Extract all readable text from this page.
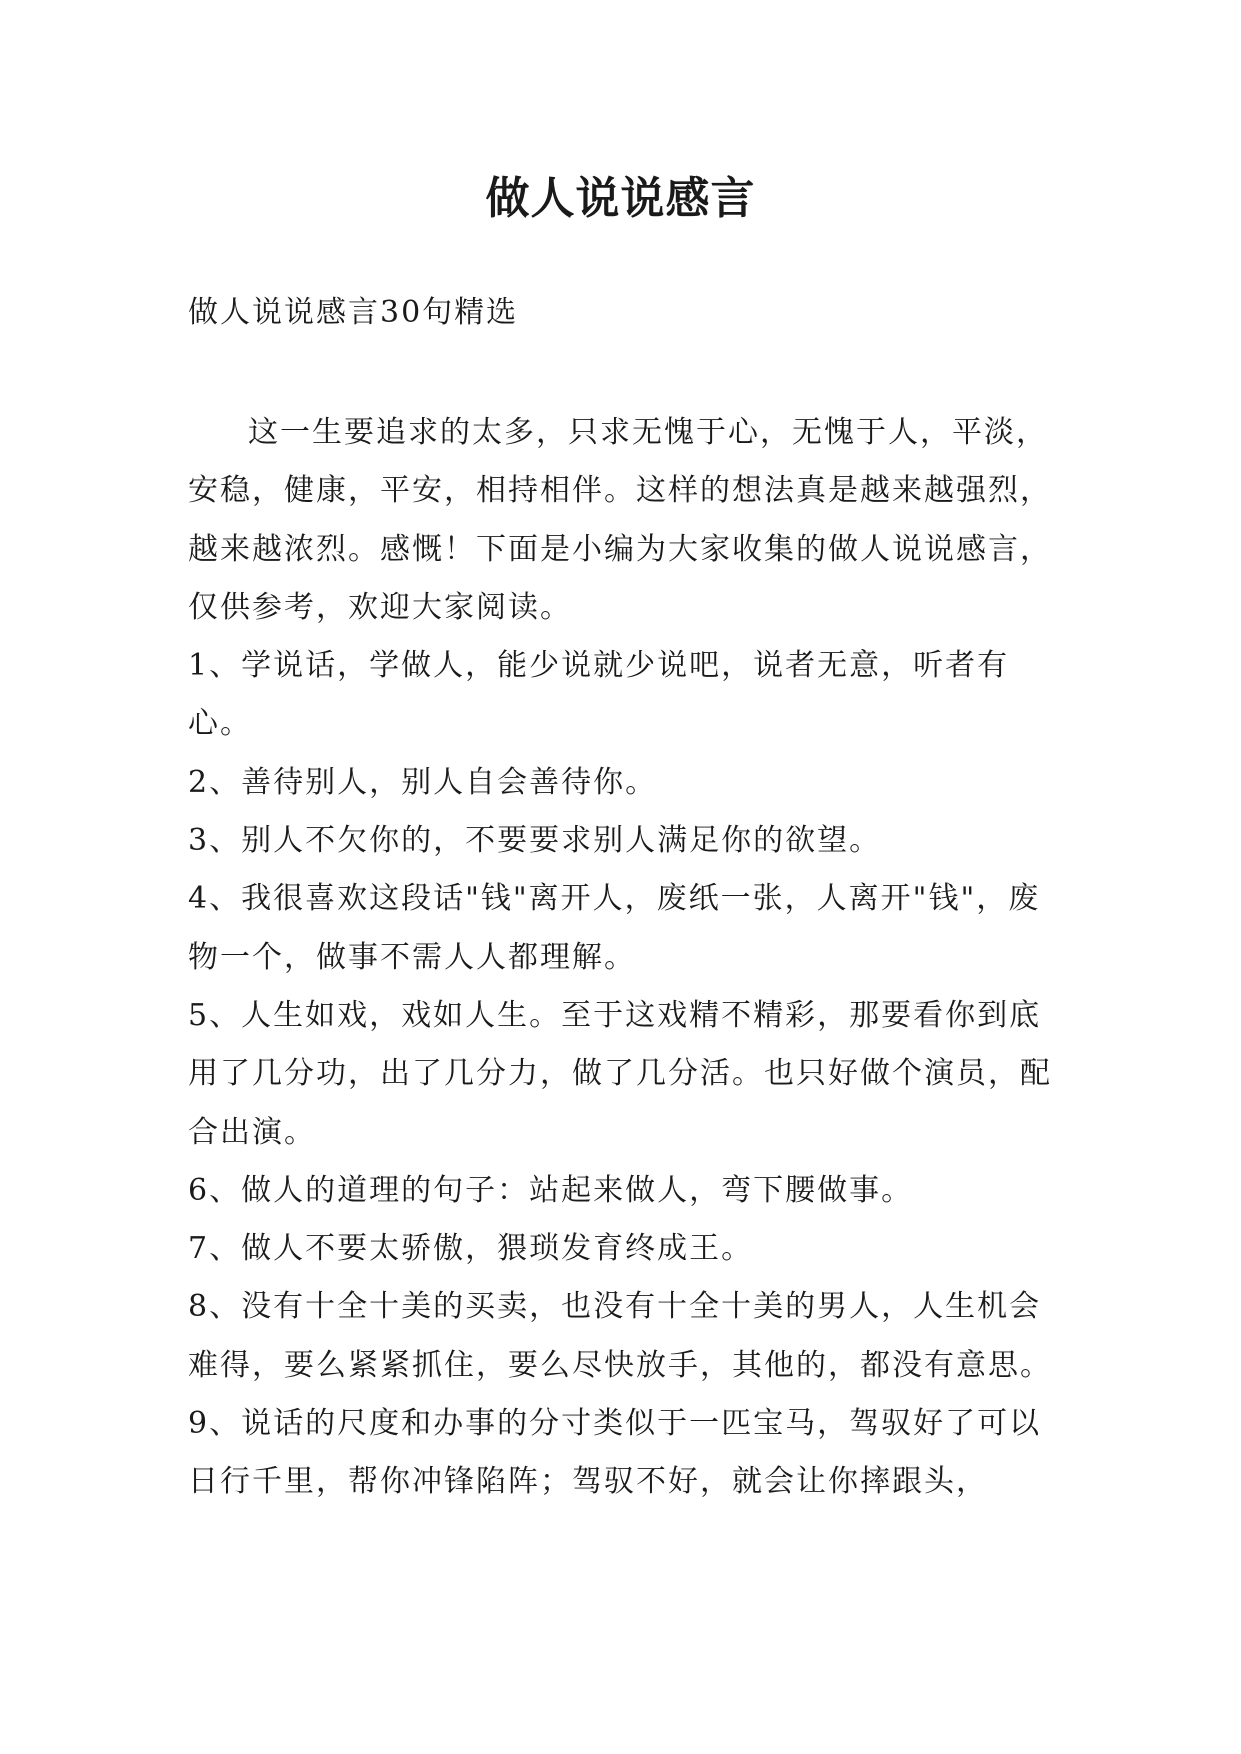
做人说说感言
做人说说感言30句精选

这一生要追求的太多，只求无愧于心，无愧于人，平淡，安稳，健康，平安，相持相伴。这样的想法真是越来越强烈，越来越浓烈。感慨！下面是小编为大家收集的做人说说感言，仅供参考，欢迎大家阅读。

1、学说话，学做人，能少说就少说吧，说者无意，听者有心。
2、善待别人，别人自会善待你。
3、别人不欠你的，不要要求别人满足你的欲望。
4、我很喜欢这段话"钱"离开人，废纸一张，人离开"钱"，废物一个，做事不需人人都理解。
5、人生如戏，戏如人生。至于这戏精不精彩，那要看你到底用了几分功，出了几分力，做了几分活。也只好做个演员，配合出演。
6、做人的道理的句子：站起来做人，弯下腰做事。
7、做人不要太骄傲，猥琐发育终成王。
8、没有十全十美的买卖，也没有十全十美的男人，人生机会难得，要么紧紧抓住，要么尽快放手，其他的，都没有意思。
9、说话的尺度和办事的分寸类似于一匹宝马，驾驭好了可以日行千里，帮你冲锋陷阵；驾驭不好，就会让你摔跟头，
